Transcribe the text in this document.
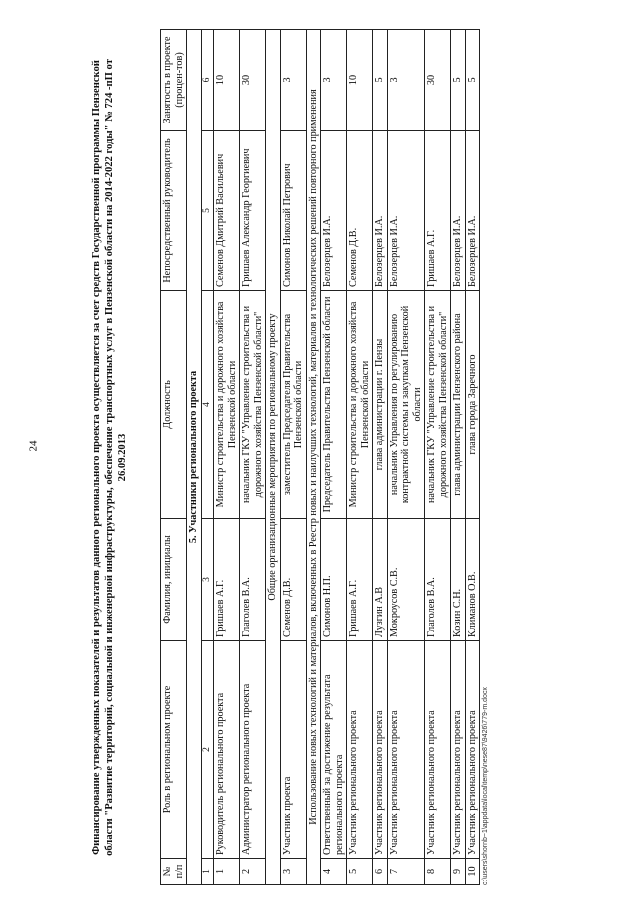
24	Финансирование утвержденных показателей и результатов данного регионального проекта осуществляется за счет средств Государственной программы Пензенской области "Развитие территорий, социальной и инженерной инфраструктуры, обеспечение транспортных услуг в Пензенской области на 2014-2022 годы" № 724 -пП от 26.09.2013
№ п/п	Роль в региональном проекте	Фамилия, инициалы	Должность	Непосредственный руководитель	Занятость в проекте (процен-тов)
5. Участники регионального проекта					
1	2	3	4	5	6
1	Руководитель регионального проекта	Гришаев А.Г.	Министр строительства и дорожного хозяйства Пензенской области	Семенов Дмитрий Васильевич	10
2	Администратор регионального проекта	Глаголев В.А.	начальник ГКУ "Управление строительства и дорожного хозяйства Пензенской области"	Гришаев Александр Георгиевич	30
Общие организационные мероприятия по региональному проекту					
3	Участник проекта	Семенов Д.В.	заместитель Председателя Правительства Пензенской области	Симонов Николай Петрович	3
Использование новых технологий и материалов, включенных в Реестр новых и наилучших технологий, материалов и технологических решений повторного применения					
4	Ответственный за достижение результата регионального проекта	Симонов Н.П.	Председатель Правительства Пензенской области	Белозерцев И.А.	3
5	Участник регионального проекта	Гришаев А.Г.	Министр строительства и дорожного хозяйства Пензенской области	Семенов Д.В.	10
6	Участник регионального проекта	Лузгин А.В	глава администрации г. Пензы	Белозерцев И.А.	5
7	Участник регионального проекта	Мокроусов С.В.	начальник Управления по регулированию контрактной системы и закупкам Пензенской области	Белозерцев И.А.	3
8	Участник регионального проекта	Глаголев В.А.	начальник ГКУ "Управление строительства и дорожного хозяйства Пензенской области"	Гришаев А.Г.	30
9	Участник регионального проекта	Козин С.Н.	глава администрации Пензенского района	Белозерцев И.А.	5
10	Участник регионального проекта	Климанов О.В.	глава города Заречного	Белозерцев И.А.	5
c:\users\shornb~1\appdata\local\temp\nese87\9426\779-m.docx
